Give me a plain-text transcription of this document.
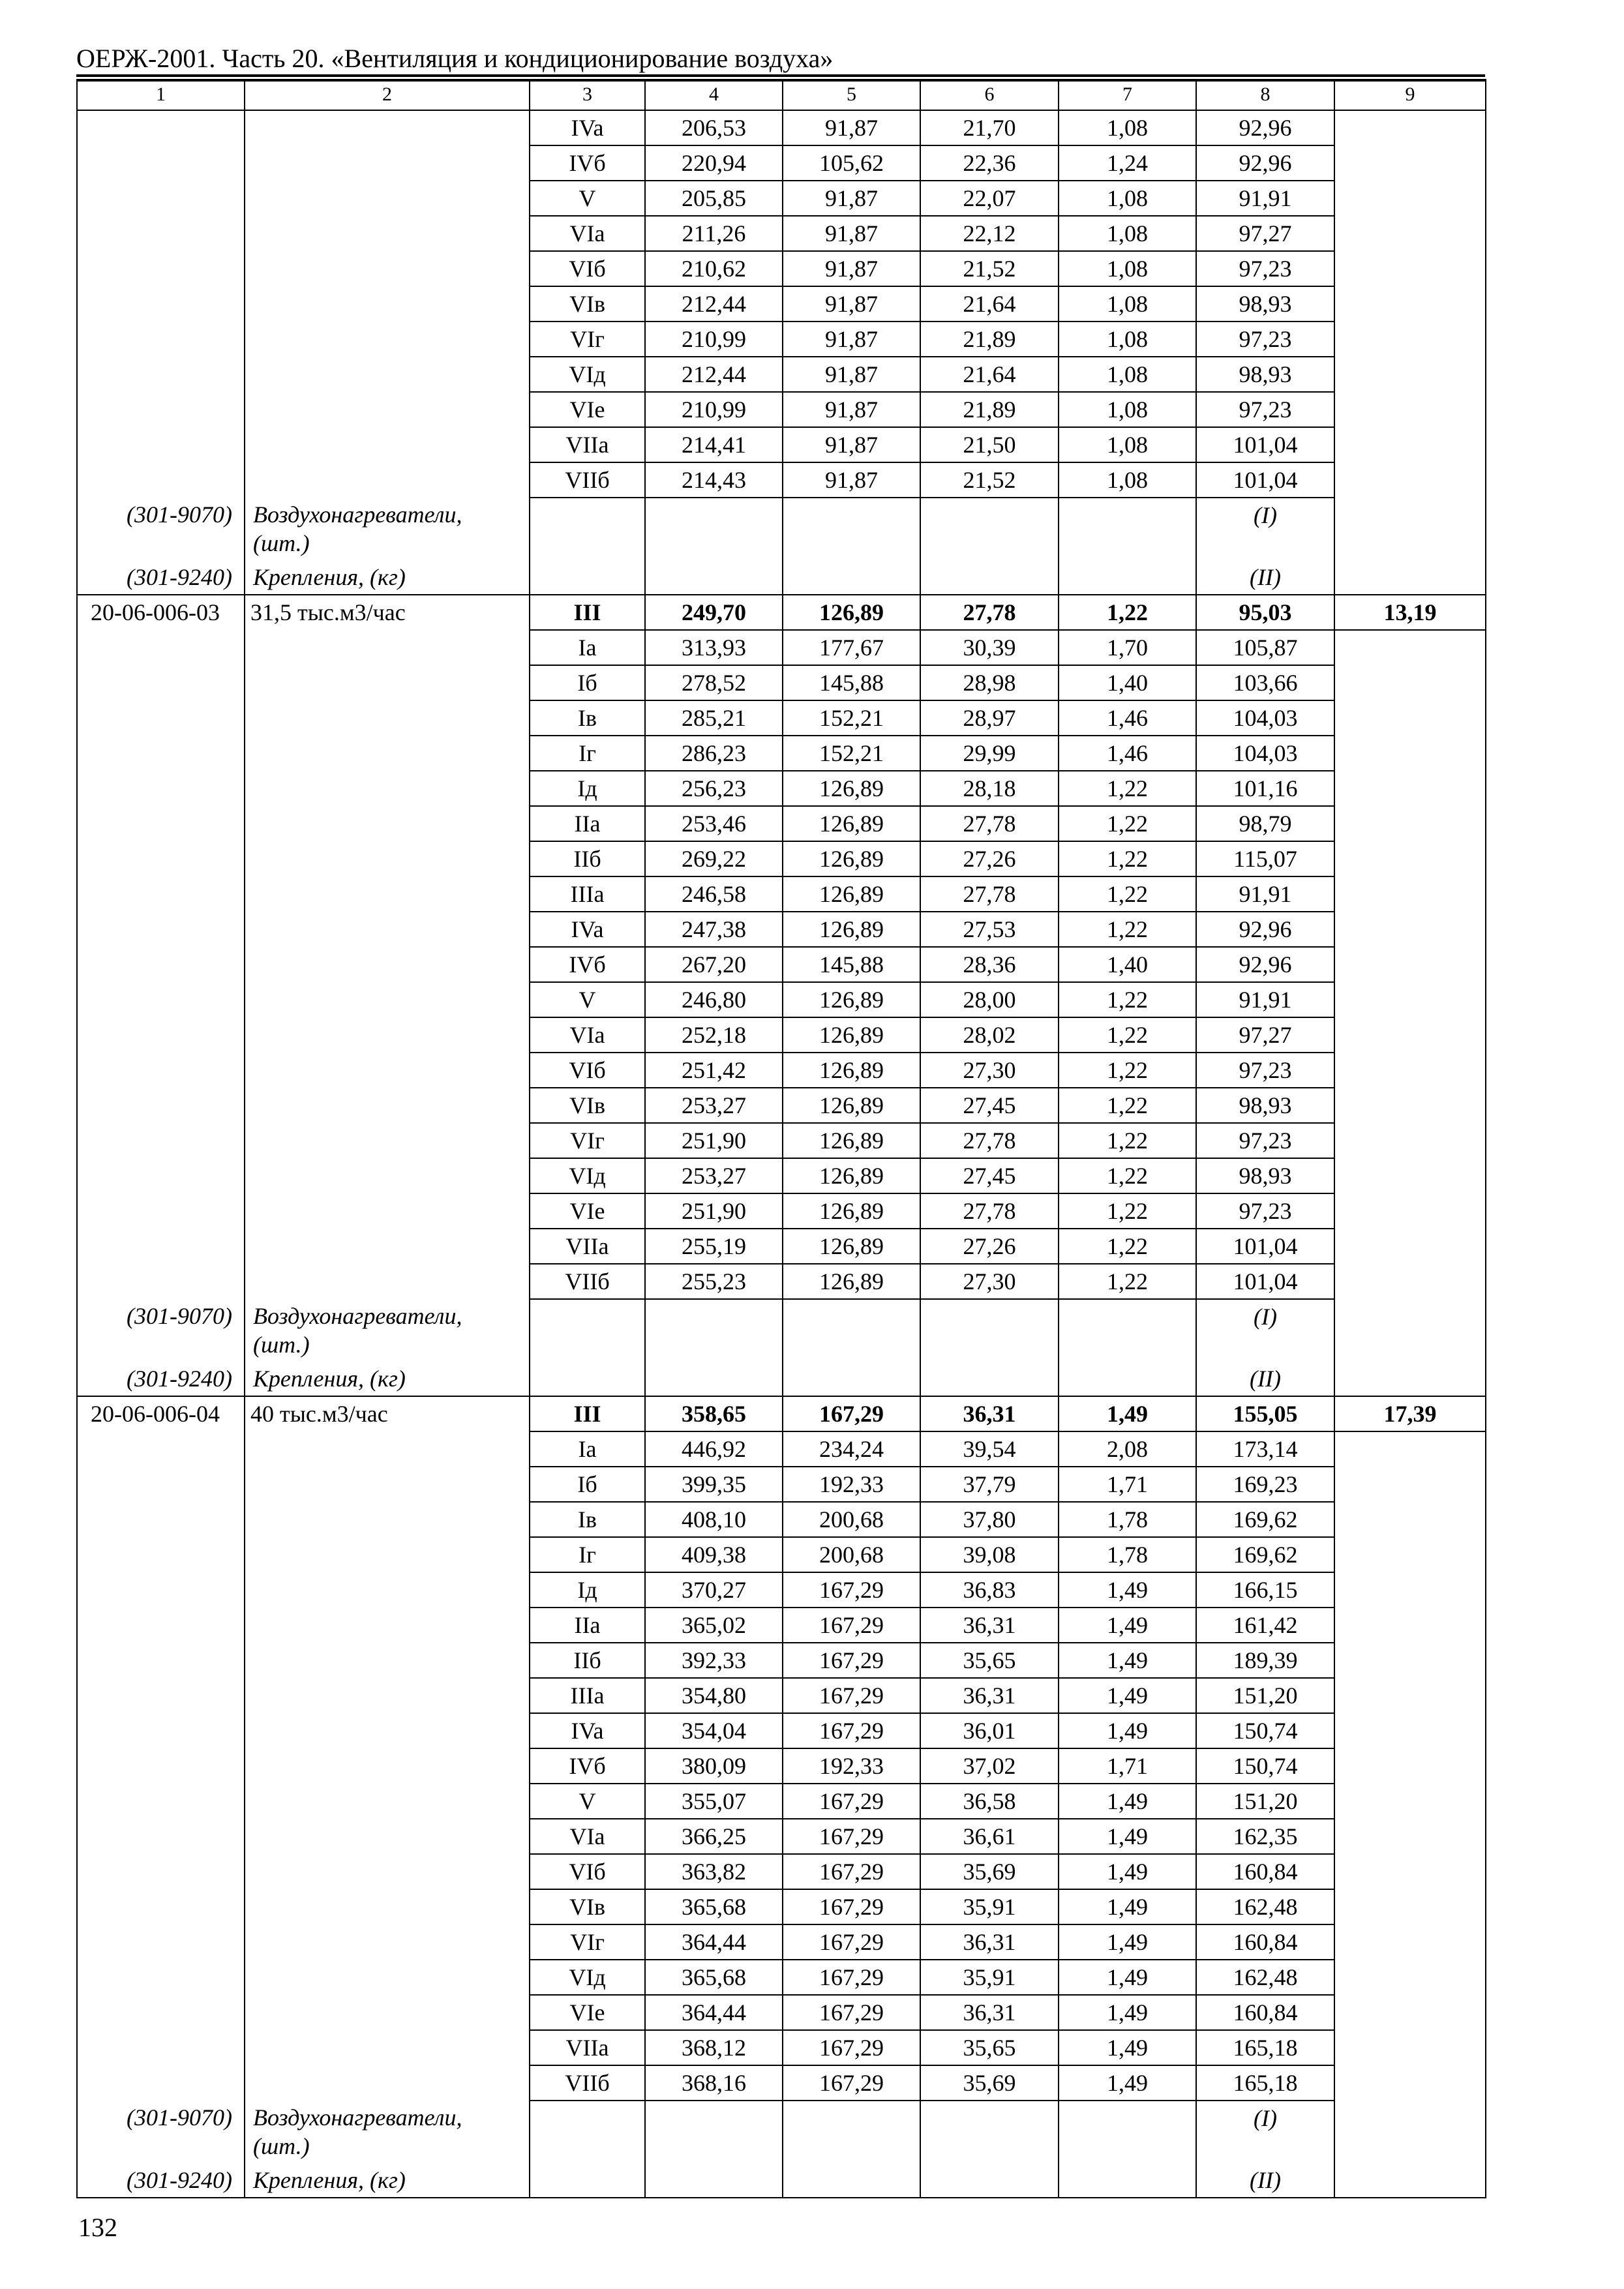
ОЕРЖ-2001. Часть 20. «Вентиляция и кондиционирование воздуха»
1	2	3	4	5	6	7	8	9
		IVa	206,53	91,87	21,70	1,08	92,96	
		IVб	220,94	105,62	22,36	1,24	92,96	
		V	205,85	91,87	22,07	1,08	91,91	
		VIa	211,26	91,87	22,12	1,08	97,27	
		VIб	210,62	91,87	21,52	1,08	97,23	
		VIв	212,44	91,87	21,64	1,08	98,93	
		VIг	210,99	91,87	21,89	1,08	97,23	
		VIд	212,44	91,87	21,64	1,08	98,93	
		VIe	210,99	91,87	21,89	1,08	97,23	
		VIIa	214,41	91,87	21,50	1,08	101,04	
		VIIб	214,43	91,87	21,52	1,08	101,04	
(301-9070)	Воздухонагреватели, (шт.)						(I)	
(301-9240)	Крепления, (кг)						(II)	
20-06-006-03	31,5 тыс.м3/час	III	249,70	126,89	27,78	1,22	95,03	13,19
		Ia	313,93	177,67	30,39	1,70	105,87	
		Iб	278,52	145,88	28,98	1,40	103,66	
		Iв	285,21	152,21	28,97	1,46	104,03	
		Iг	286,23	152,21	29,99	1,46	104,03	
		Iд	256,23	126,89	28,18	1,22	101,16	
		IIa	253,46	126,89	27,78	1,22	98,79	
		IIб	269,22	126,89	27,26	1,22	115,07	
		IIIa	246,58	126,89	27,78	1,22	91,91	
		IVa	247,38	126,89	27,53	1,22	92,96	
		IVб	267,20	145,88	28,36	1,40	92,96	
		V	246,80	126,89	28,00	1,22	91,91	
		VIa	252,18	126,89	28,02	1,22	97,27	
		VIб	251,42	126,89	27,30	1,22	97,23	
		VIв	253,27	126,89	27,45	1,22	98,93	
		VIг	251,90	126,89	27,78	1,22	97,23	
		VIд	253,27	126,89	27,45	1,22	98,93	
		VIe	251,90	126,89	27,78	1,22	97,23	
		VIIa	255,19	126,89	27,26	1,22	101,04	
		VIIб	255,23	126,89	27,30	1,22	101,04	
(301-9070)	Воздухонагреватели, (шт.)						(I)	
(301-9240)	Крепления, (кг)						(II)	
20-06-006-04	40 тыс.м3/час	III	358,65	167,29	36,31	1,49	155,05	17,39
		Ia	446,92	234,24	39,54	2,08	173,14	
		Iб	399,35	192,33	37,79	1,71	169,23	
		Iв	408,10	200,68	37,80	1,78	169,62	
		Iг	409,38	200,68	39,08	1,78	169,62	
		Iд	370,27	167,29	36,83	1,49	166,15	
		IIa	365,02	167,29	36,31	1,49	161,42	
		IIб	392,33	167,29	35,65	1,49	189,39	
		IIIa	354,80	167,29	36,31	1,49	151,20	
		IVa	354,04	167,29	36,01	1,49	150,74	
		IVб	380,09	192,33	37,02	1,71	150,74	
		V	355,07	167,29	36,58	1,49	151,20	
		VIa	366,25	167,29	36,61	1,49	162,35	
		VIб	363,82	167,29	35,69	1,49	160,84	
		VIв	365,68	167,29	35,91	1,49	162,48	
		VIг	364,44	167,29	36,31	1,49	160,84	
		VIд	365,68	167,29	35,91	1,49	162,48	
		VIe	364,44	167,29	36,31	1,49	160,84	
		VIIa	368,12	167,29	35,65	1,49	165,18	
		VIIб	368,16	167,29	35,69	1,49	165,18	
(301-9070)	Воздухонагреватели, (шт.)						(I)	
(301-9240)	Крепления, (кг)						(II)	
132
